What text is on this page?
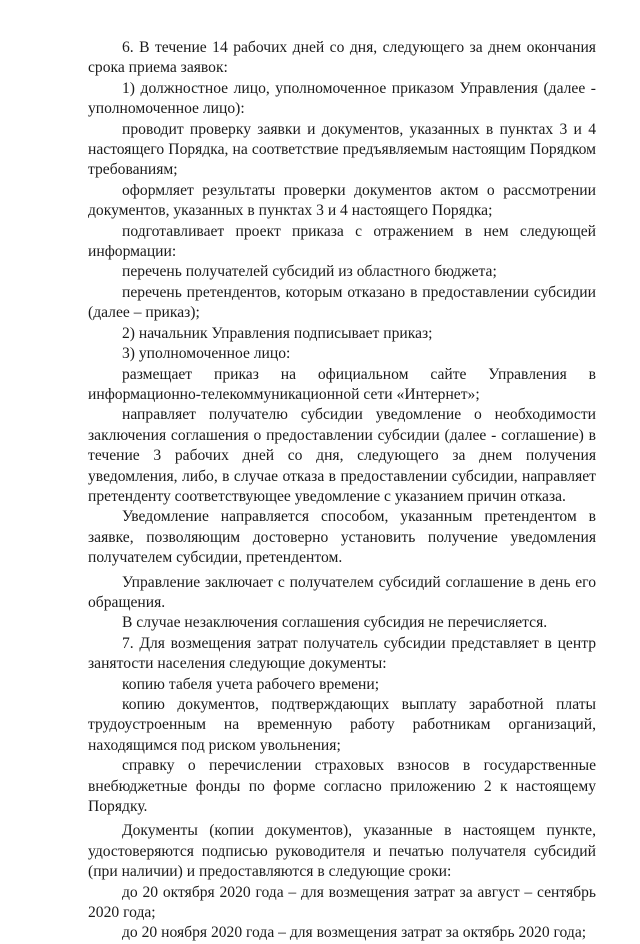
6. В течение 14 рабочих дней со дня, следующего за днем окончания срока приема заявок:

1) должностное лицо, уполномоченное приказом Управления (далее - уполномоченное лицо):

проводит проверку заявки и документов, указанных в пунктах 3 и 4 настоящего Порядка, на соответствие предъявляемым настоящим Порядком требованиям;

оформляет результаты проверки документов актом о рассмотрении документов, указанных в пунктах 3 и 4 настоящего Порядка;

подготавливает проект приказа с отражением в нем следующей информации:

перечень получателей субсидий из областного бюджета;

перечень претендентов, которым отказано в предоставлении субсидии (далее – приказ);

2) начальник Управления подписывает приказ;

3) уполномоченное лицо:

размещает приказ на официальном сайте Управления в информационно-телекоммуникационной сети «Интернет»;

направляет получателю субсидии уведомление о необходимости заключения соглашения о предоставлении субсидии (далее - соглашение) в течение 3 рабочих дней со дня, следующего за днем получения уведомления, либо, в случае отказа в предоставлении субсидии, направляет претенденту соответствующее уведомление с указанием причин отказа.

Уведомление направляется способом, указанным претендентом в заявке, позволяющим достоверно установить получение уведомления получателем субсидии, претендентом.

Управление заключает с получателем субсидий соглашение в день его обращения.

В случае незаключения соглашения субсидия не перечисляется.

7. Для возмещения затрат получатель субсидии представляет в центр занятости населения следующие документы:

копию табеля учета рабочего времени;

копию документов, подтверждающих выплату заработной платы трудоустроенным на временную работу работникам организаций, находящимся под риском увольнения;

справку о перечислении страховых взносов в государственные внебюджетные фонды по форме согласно приложению 2 к настоящему Порядку.

Документы (копии документов), указанные в настоящем пункте, удостоверяются подписью руководителя и печатью получателя субсидий (при наличии) и предоставляются в следующие сроки:

до 20 октября 2020 года – для возмещения затрат за август – сентябрь 2020 года;

до 20 ноября 2020 года – для возмещения затрат за октябрь 2020 года;
